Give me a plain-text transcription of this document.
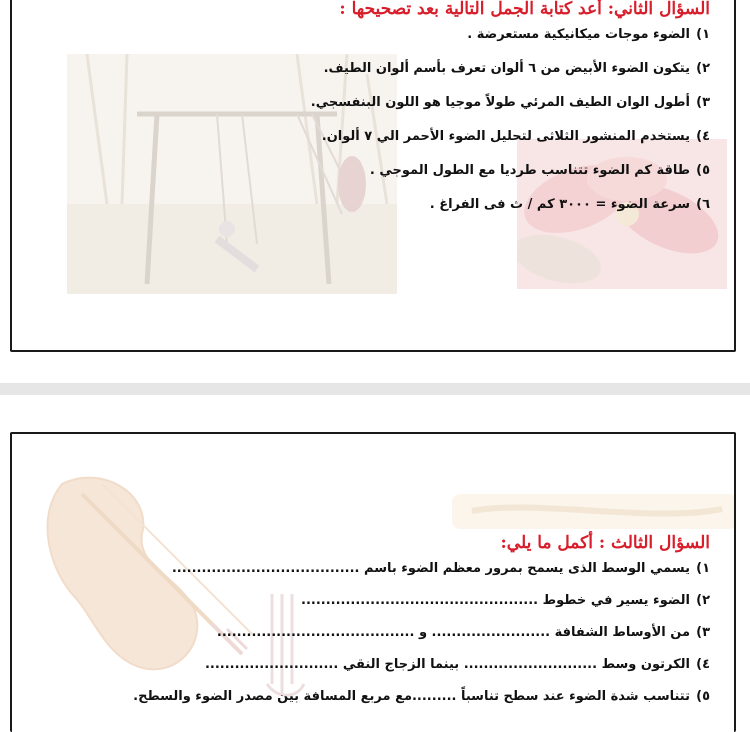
السؤال الثاني: أعد كتابة الجمل التالية بعد تصحيحها :
١)
الضوء موجات ميكانيكية مستعرضة .
٢)
يتكون الضوء الأبيض من ٦ ألوان تعرف بأسم ألوان الطيف.
٣)
أطول الوان الطيف المرئي طولاً موجيا هو اللون البنفسجي.
٤)
يستخدم المنشور الثلاثى لتحليل الضوء الأحمر الي ٧ ألوان.
٥)
طاقة كم الضوء تتناسب طرديا مع الطول الموجي .
٦)
سرعة الضوء = ٣٠٠٠ كم / ث فى الفراغ .
السؤال الثالث : أكمل ما يلي:
١)
يسمي الوسط الذى يسمح بمرور معظم الضوء باسم ......................................
٢)
الضوء يسير في خطوط ................................................
٣)
من الأوساط الشفافة ........................ و ........................................
٤)
الكرتون وسط ........................... بينما الزجاج النقي ...........................
٥)
تتناسب شدة الضوء عند سطح تناسباً .........مع مربع المسافة بين مصدر الضوء والسطح.
